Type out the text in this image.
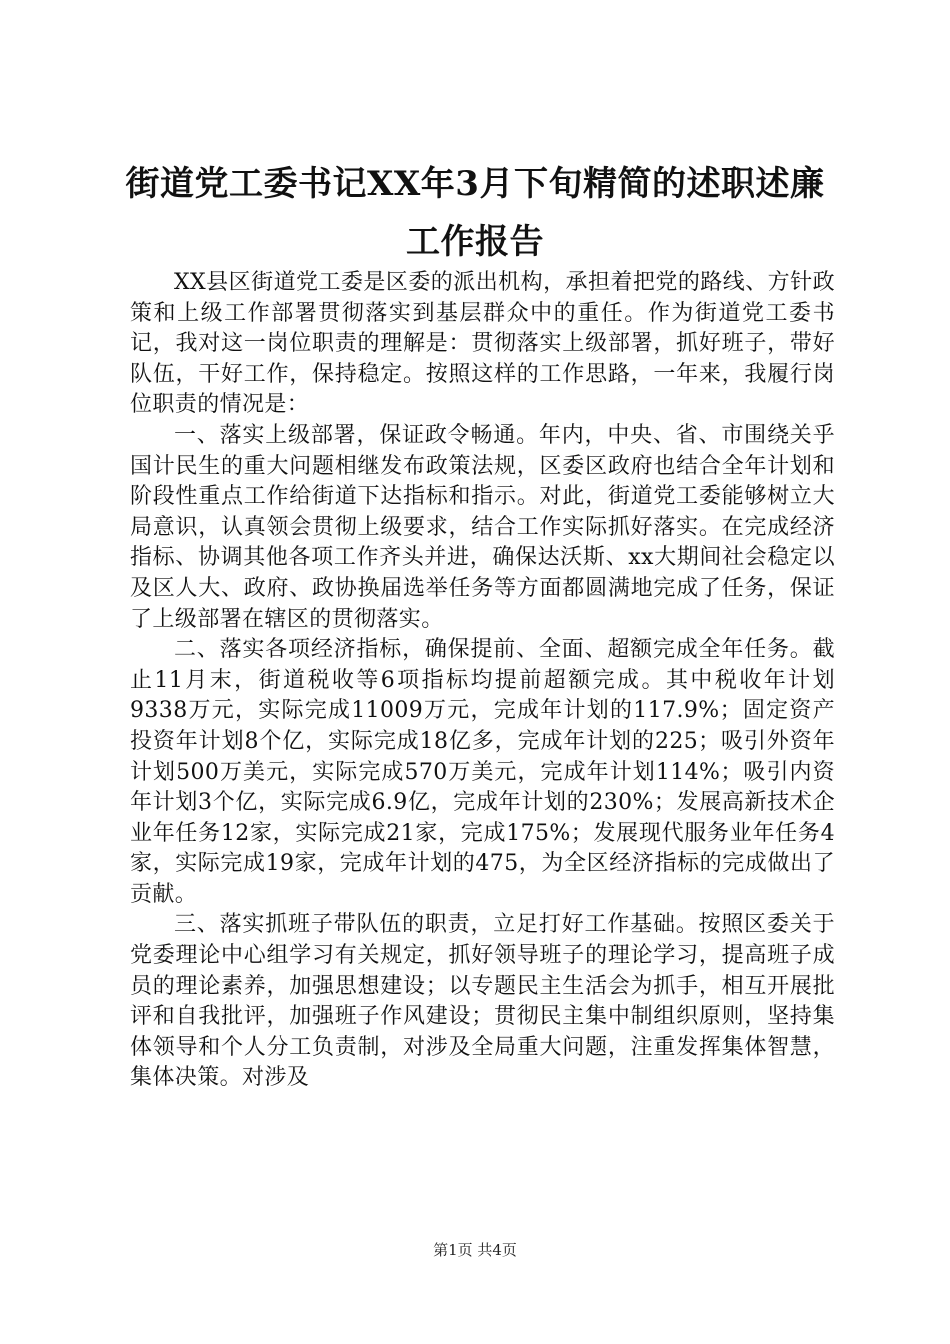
街道党工委书记XX年3月下旬精简的述职述廉工作报告

XX县区街道党工委是区委的派出机构，承担着把党的路线、方针政策和上级工作部署贯彻落实到基层群众中的重任。作为街道党工委书记，我对这一岗位职责的理解是：贯彻落实上级部署，抓好班子，带好队伍，干好工作，保持稳定。按照这样的工作思路，一年来，我履行岗位职责的情况是：

一、落实上级部署，保证政令畅通。年内，中央、省、市围绕关乎国计民生的重大问题相继发布政策法规，区委区政府也结合全年计划和阶段性重点工作给街道下达指标和指示。对此，街道党工委能够树立大局意识，认真领会贯彻上级要求，结合工作实际抓好落实。在完成经济指标、协调其他各项工作齐头并进，确保达沃斯、xx大期间社会稳定以及区人大、政府、政协换届选举任务等方面都圆满地完成了任务，保证了上级部署在辖区的贯彻落实。

二、落实各项经济指标，确保提前、全面、超额完成全年任务。截止11月末，街道税收等6项指标均提前超额完成。其中税收年计划9338万元，实际完成11009万元，完成年计划的117.9%；固定资产投资年计划8个亿，实际完成18亿多，完成年计划的225；吸引外资年计划500万美元，实际完成570万美元，完成年计划114%；吸引内资年计划3个亿，实际完成6.9亿，完成年计划的230%；发展高新技术企业年任务12家，实际完成21家，完成175%；发展现代服务业年任务4家，实际完成19家，完成年计划的475，为全区经济指标的完成做出了贡献。

三、落实抓班子带队伍的职责，立足打好工作基础。按照区委关于党委理论中心组学习有关规定，抓好领导班子的理论学习，提高班子成员的理论素养，加强思想建设；以专题民主生活会为抓手，相互开展批评和自我批评，加强班子作风建设；贯彻民主集中制组织原则，坚持集体领导和个人分工负责制，对涉及全局重大问题，注重发挥集体智慧，集体决策。对涉及

第1页 共4页
